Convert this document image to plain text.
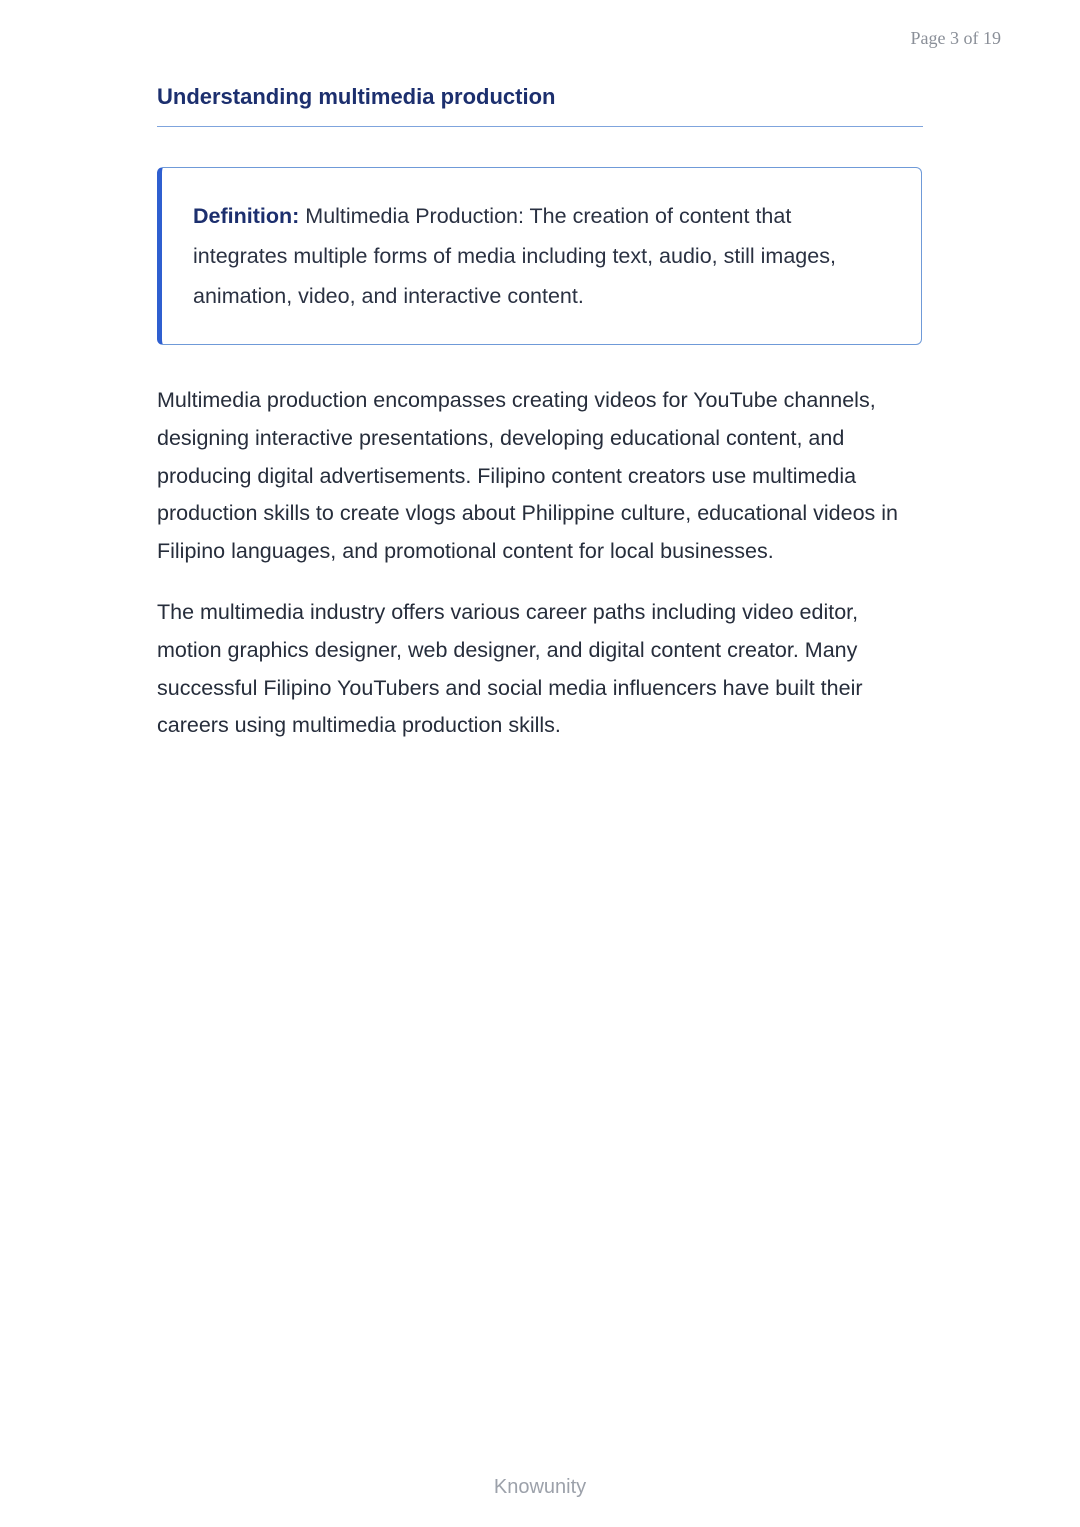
Page 3 of 19
Understanding multimedia production
Definition: Multimedia Production: The creation of content that integrates multiple forms of media including text, audio, still images, animation, video, and interactive content.

Multimedia production encompasses creating videos for YouTube channels, designing interactive presentations, developing educational content, and producing digital advertisements. Filipino content creators use multimedia production skills to create vlogs about Philippine culture, educational videos in Filipino languages, and promotional content for local businesses.

The multimedia industry offers various career paths including video editor, motion graphics designer, web designer, and digital content creator. Many successful Filipino YouTubers and social media influencers have built their careers using multimedia production skills.

Knowunity
